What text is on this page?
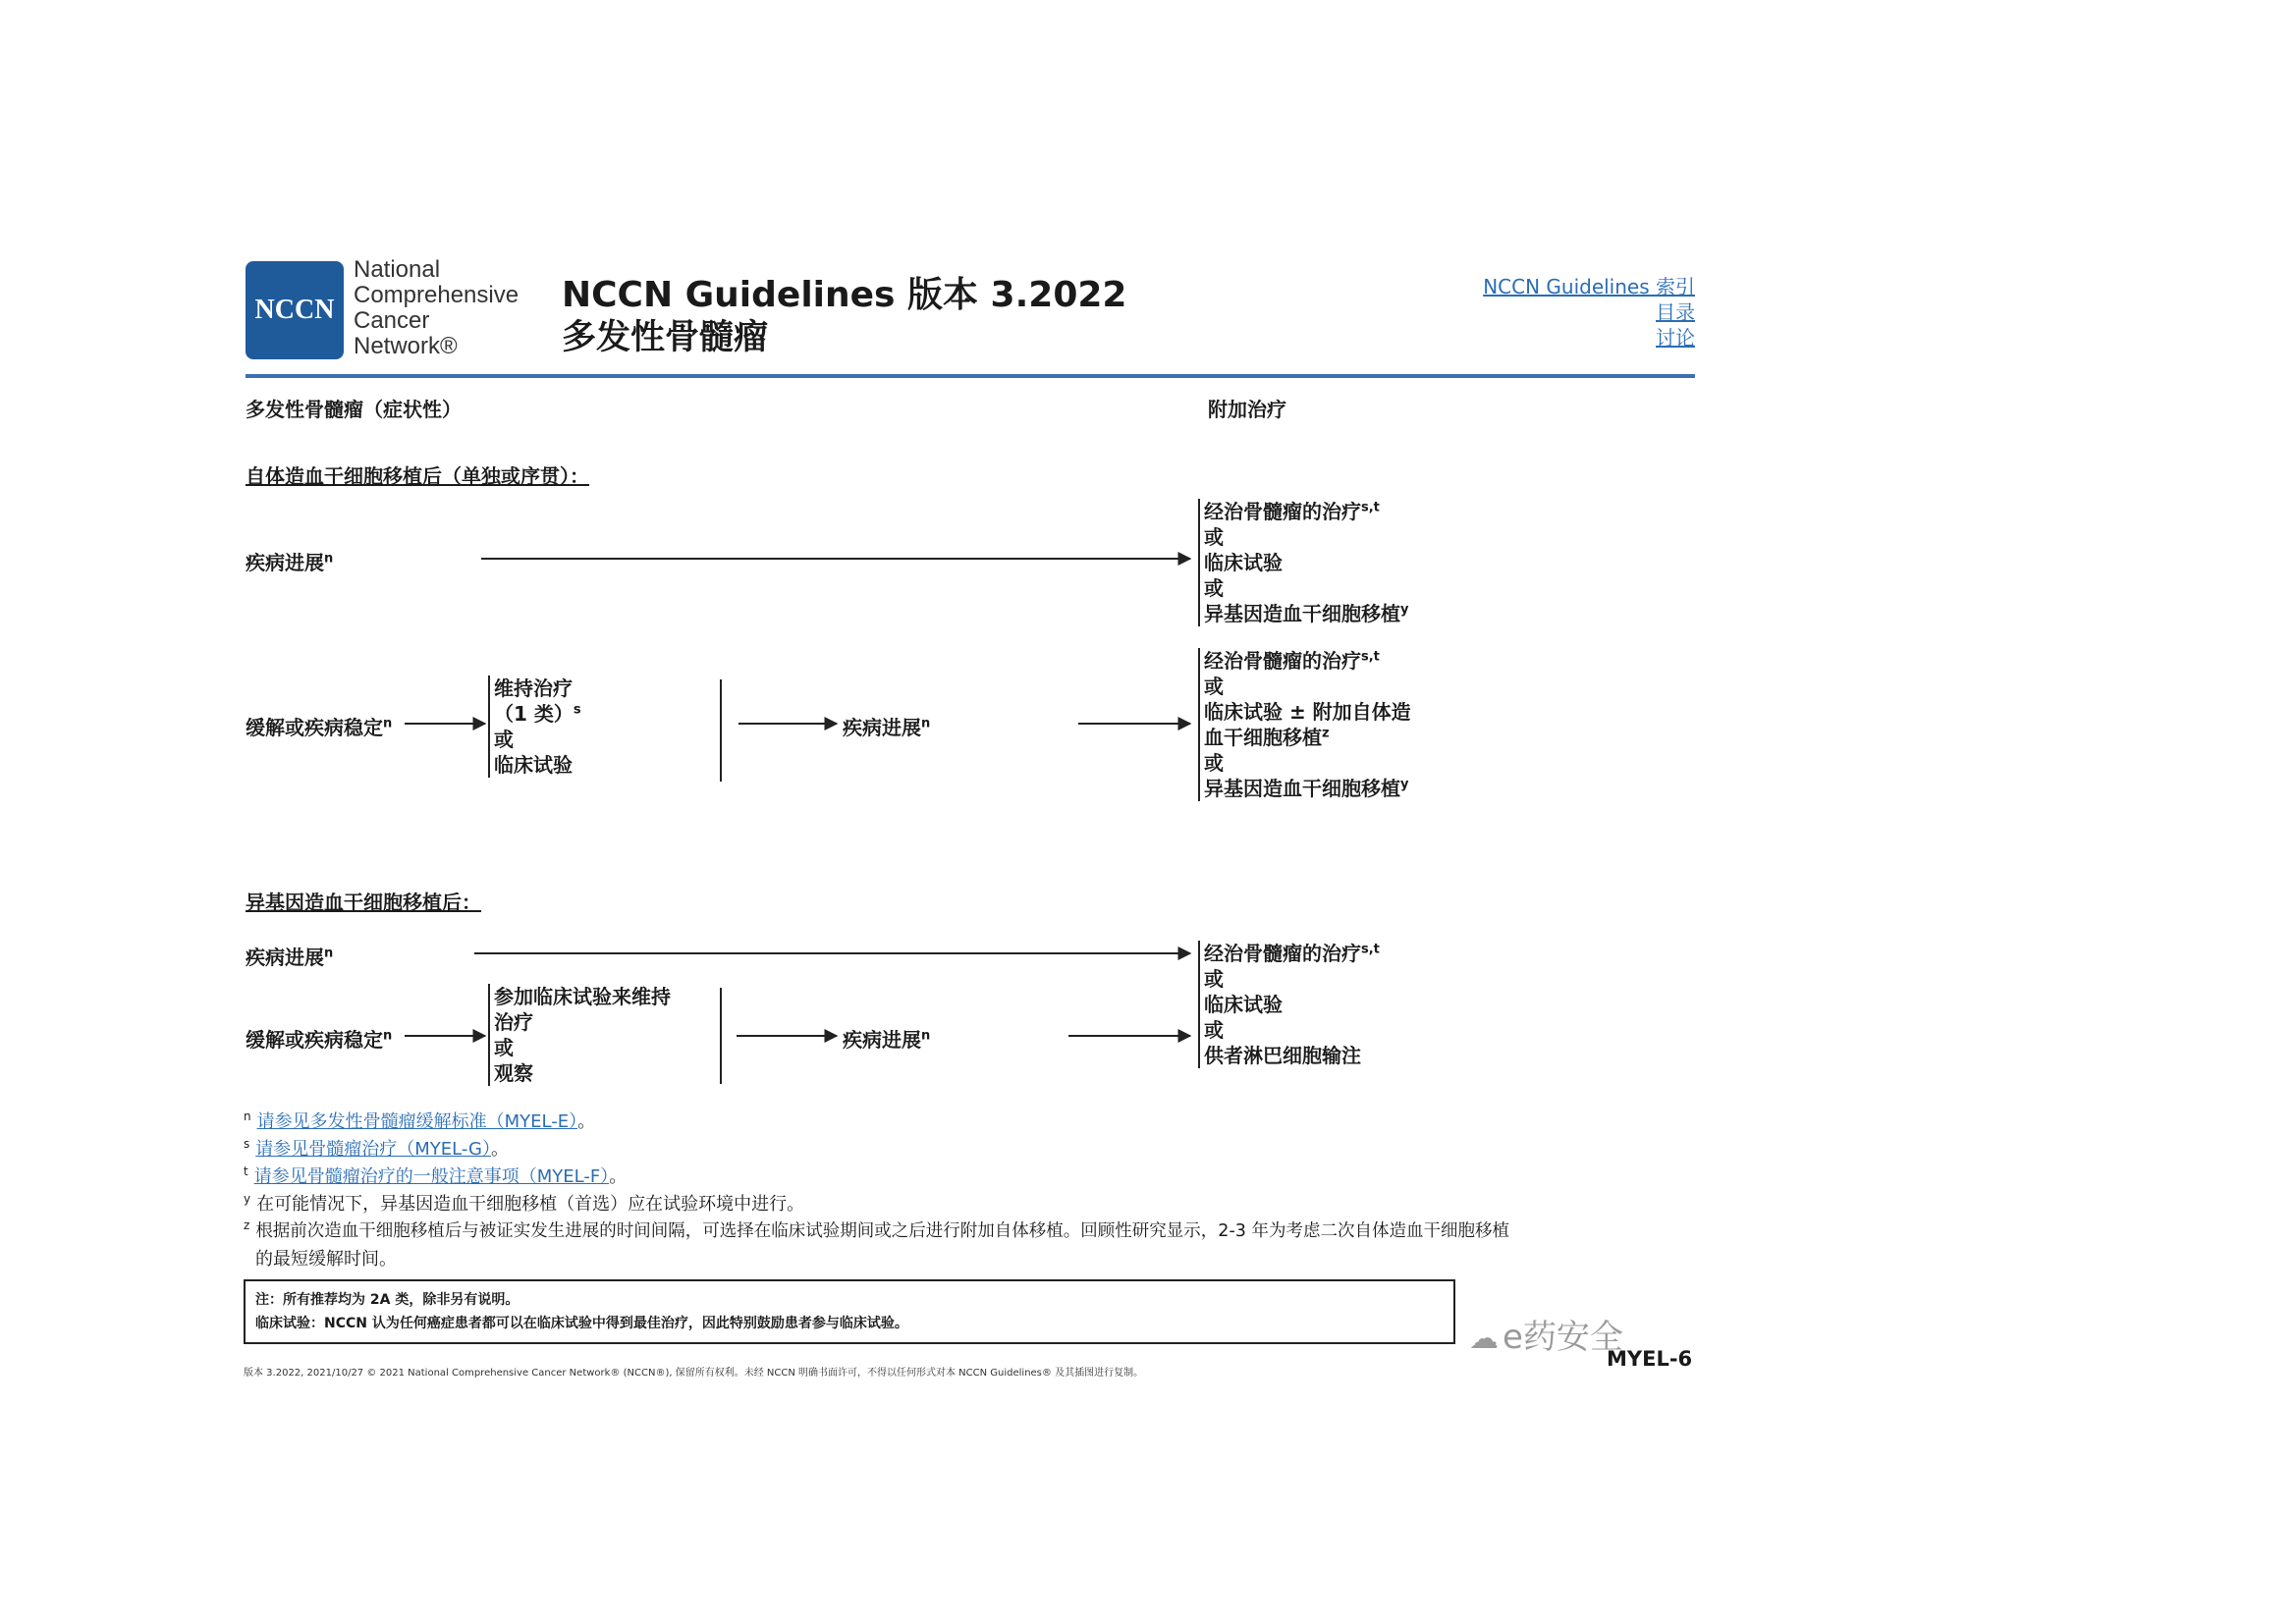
NCCN
National
Comprehensive
Cancer
Network®
NCCN Guidelines 版本 3.2022
多发性骨髓瘤
NCCN Guidelines 索引
目录
讨论
多发性骨髓瘤（症状性）	附加治疗
自体造血干细胞移植后（单独或序贯）：
疾病进展$^n$
经治骨髓瘤的治疗$^{s,t}$
或
临床试验
或
异基因造血干细胞移植$^y$
缓解或疾病稳定$^n$
维持治疗
（1 类）$^s$
或
临床试验
疾病进展$^n$
经治骨髓瘤的治疗$^{s,t}$
或
临床试验 ± 附加自体造
血干细胞移植$^z$
或
异基因造血干细胞移植$^y$
异基因造血干细胞移植后：
疾病进展$^n$
缓解或疾病稳定$^n$
参加临床试验来维持
治疗
或
观察
疾病进展$^n$
经治骨髓瘤的治疗$^{s,t}$
或
临床试验
或
供者淋巴细胞输注
$^n$ 请参见多发性骨髓瘤缓解标准（MYEL-E）。
$^s$ 请参见骨髓瘤治疗（MYEL-G）。
$^t$ 请参见骨髓瘤治疗的一般注意事项（MYEL-F）。
$^y$ 在可能情况下，异基因造血干细胞移植（首选）应在试验环境中进行。
$^z$ 根据前次造血干细胞移植后与被证实发生进展的时间间隔，可选择在临床试验期间或之后进行附加自体移植。回顾性研究显示，2-3 年为考虑二次自体造血干细胞移植
的最短缓解时间。
注：所有推荐均为 2A 类，除非另有说明。
临床试验：NCCN 认为任何癌症患者都可以在临床试验中得到最佳治疗，因此特别鼓励患者参与临床试验。	☁ e药安全
MYEL-6
版本 3.2022, 2021/10/27 © 2021 National Comprehensive Cancer Network® (NCCN®), 保留所有权利。未经 NCCN 明确书面许可，不得以任何形式对本 NCCN Guidelines® 及其插图进行复制。
